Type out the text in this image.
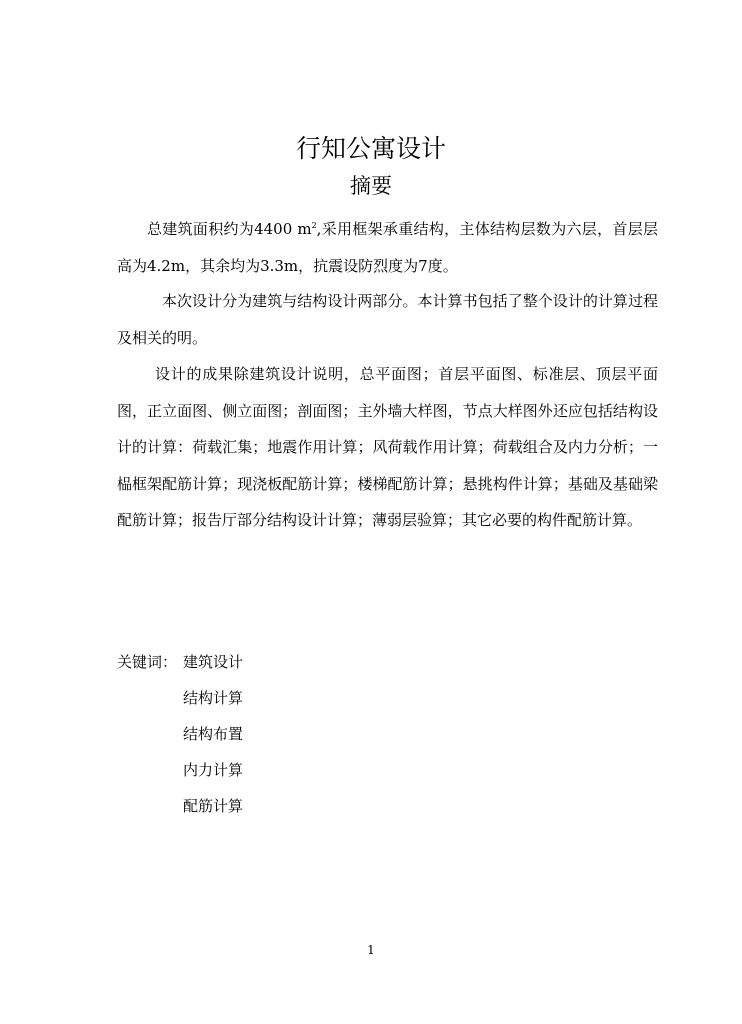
行知公寓设计
摘要

总建筑面积约为4400 $m^2$,采用框架承重结构，主体结构层数为六层，首层层高为4.2m，其余均为3.3m，抗震设防烈度为7度。

本次设计分为建筑与结构设计两部分。本计算书包括了整个设计的计算过程及相关的明。

设计的成果除建筑设计说明，总平面图；首层平面图、标准层、顶层平面图，正立面图、侧立面图；剖面图；主外墙大样图，节点大样图外还应包括结构设计的计算：荷载汇集；地震作用计算；风荷载作用计算；荷载组合及内力分析；一榀框架配筋计算；现浇板配筋计算；楼梯配筋计算；悬挑构件计算；基础及基础梁配筋计算；报告厅部分结构设计计算；薄弱层验算；其它必要的构件配筋计算。

关键词： 建筑设计
结构计算
结构布置
内力计算
配筋计算
1
